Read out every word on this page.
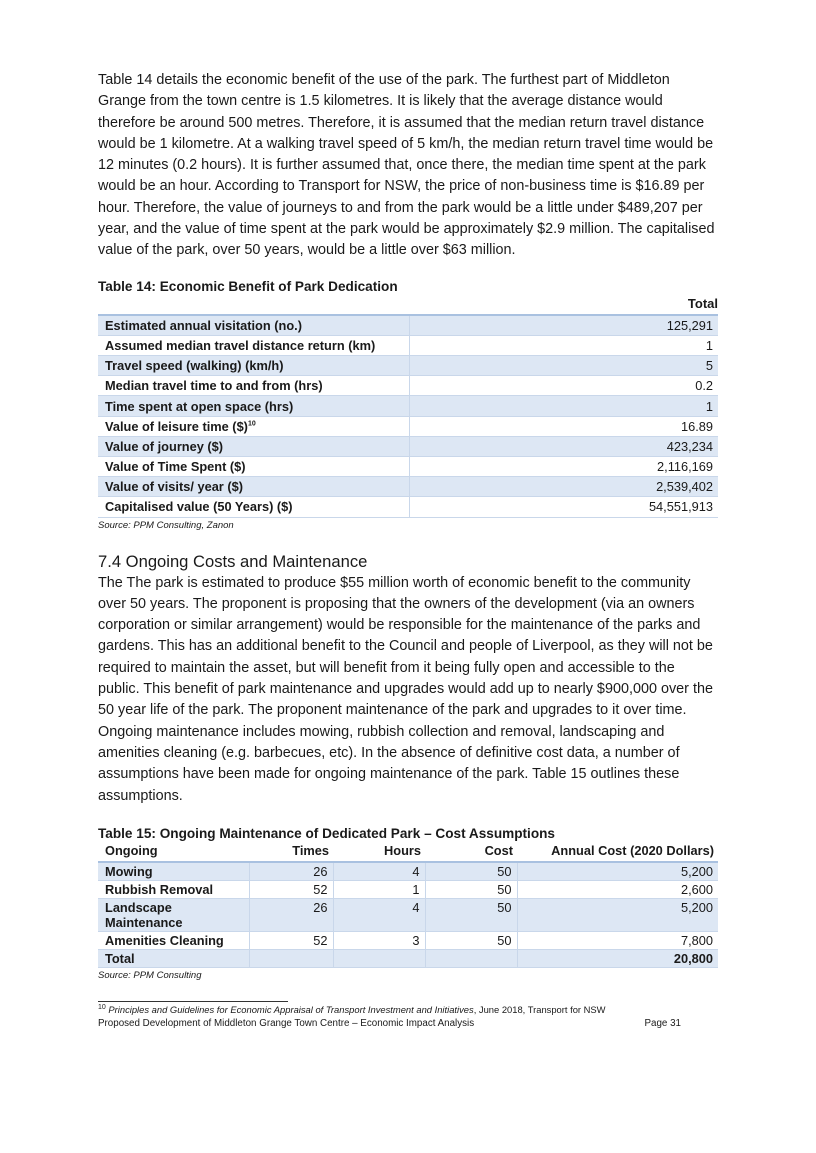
Table 14 details the economic benefit of the use of the park. The furthest part of Middleton Grange from the town centre is 1.5 kilometres. It is likely that the average distance would therefore be around 500 metres. Therefore, it is assumed that the median return travel distance would be 1 kilometre. At a walking travel speed of 5 km/h, the median return travel time would be 12 minutes (0.2 hours). It is further assumed that, once there, the median time spent at the park would be an hour. According to Transport for NSW, the price of non-business time is $16.89 per hour. Therefore, the value of journeys to and from the park would be a little under $489,207 per year, and the value of time spent at the park would be approximately $2.9 million. The capitalised value of the park, over 50 years, would be a little over $63 million.

Table 14: Economic Benefit of Park Dedication

Total
Estimated annual visitation (no.)	125,291
Assumed median travel distance return (km)	1
Travel speed (walking) (km/h)	5
Median travel time to and from (hrs)	0.2
Time spent at open space (hrs)	1
Value of leisure time ($)$^{10}$	16.89
Value of journey ($)	423,234
Value of Time Spent ($)	2,116,169
Value of visits/ year ($)	2,539,402
Capitalised value (50 Years) ($)	54,551,913

Source: PPM Consulting, Zanon

7.4 Ongoing Costs and Maintenance

The The park is estimated to produce $55 million worth of economic benefit to the community over 50 years. The proponent is proposing that the owners of the development (via an owners corporation or similar arrangement) would be responsible for the maintenance of the parks and gardens. This has an additional benefit to the Council and people of Liverpool, as they will not be required to maintain the asset, but will benefit from it being fully open and accessible to the public. This benefit of park maintenance and upgrades would add up to nearly $900,000 over the 50 year life of the park. The proponent maintenance of the park and upgrades to it over time. Ongoing maintenance includes mowing, rubbish collection and removal, landscaping and amenities cleaning (e.g. barbecues, etc). In the absence of definitive cost data, a number of assumptions have been made for ongoing maintenance of the park. Table 15 outlines these assumptions.

Table 15: Ongoing Maintenance of Dedicated Park – Cost Assumptions

Ongoing	Times	Hours	Cost	Annual Cost (2020 Dollars)
Mowing	26	4	50	5,200
Rubbish Removal	52	1	50	2,600
Landscape Maintenance	26	4	50	5,200
Amenities Cleaning	52	3	50	7,800
Total				20,800

Source: PPM Consulting

$^{10}$ Principles and Guidelines for Economic Appraisal of Transport Investment and Initiatives, June 2018, Transport for NSW

Proposed Development of Middleton Grange Town Centre – Economic Impact Analysis	Page 31
